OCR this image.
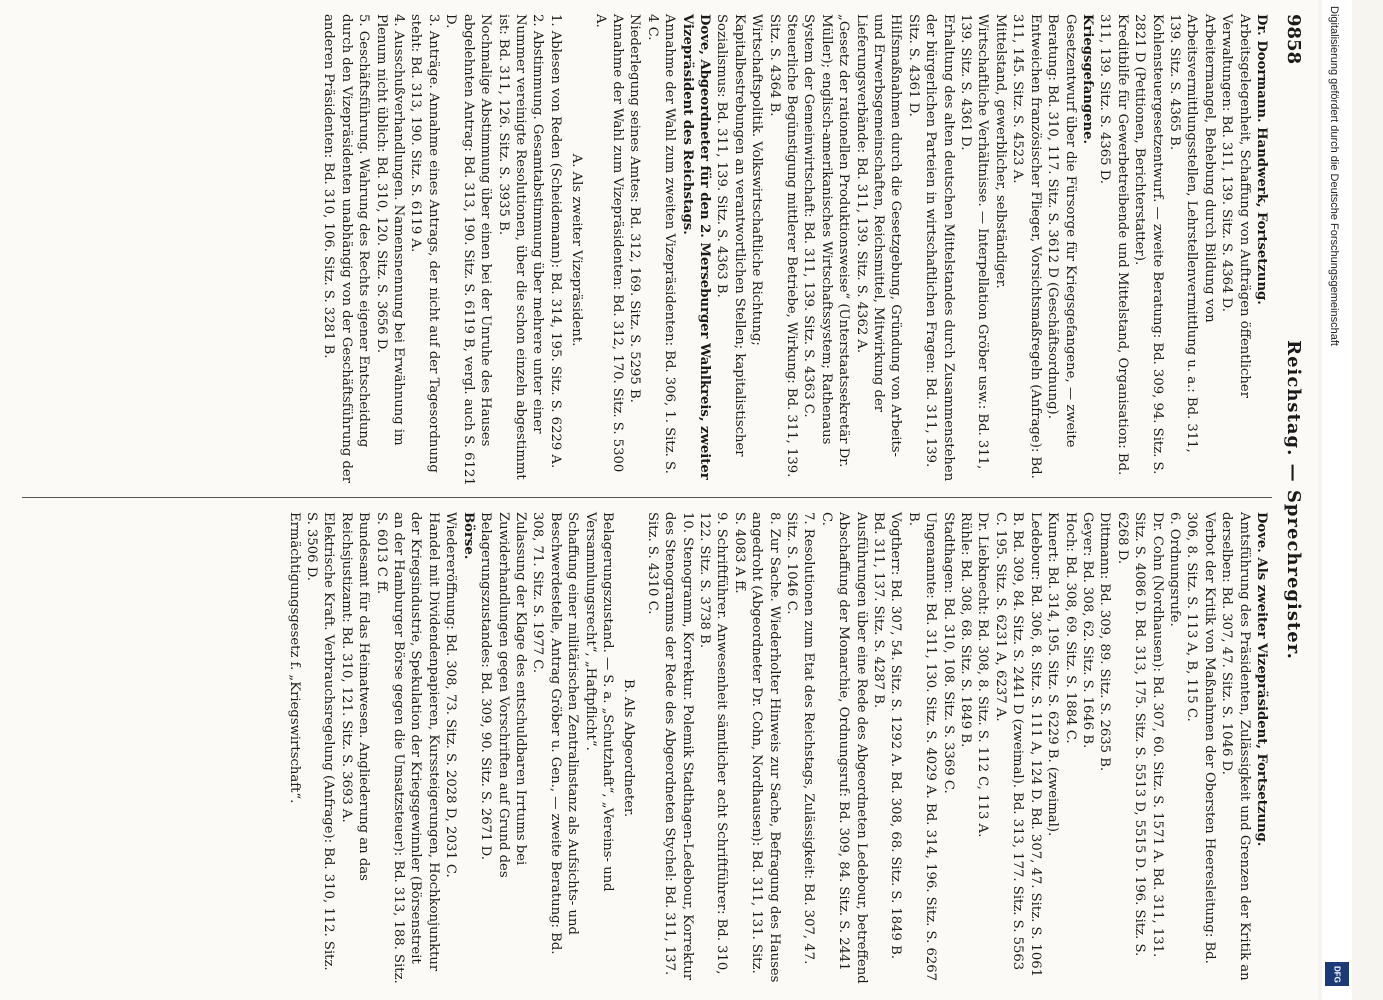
9858
Reichstag. — Sprechregister.

Dr. Doormann. Handwerk, Fortsetzung.

Arbeitsgelegenheit, Schaffung von Aufträgen öffentlicher Verwaltungen: Bd. 311, 139. Sitz. S. 4364 D.

Arbeitermangel, Behebung durch Bildung von Arbeitsvermittlungsstellen, Lehrstellenvermittlung u. a.: Bd. 311, 139. Sitz. S. 4365 B.

Kohlensteuergesetzentwurf. — zweite Beratung: Bd. 309, 94. Sitz. S. 2821 D (Petitionen, Berichterstatter).

Kreditbilfe für Gewerbetreibende und Mittelstand, Organisation: Bd. 311, 139. Sitz. S. 4365 D.

Kriegsgefangene.

Gesetzentwurf über die Fürsorge für Kriegsgefangene, — zweite Beratung: Bd. 310, 117. Sitz. S. 3612 D (Geschäftsordnung).

Entweichen französischer Flieger, Vorsichtsmaßregeln (Anfrage): Bd. 311, 145. Sitz. S. 4523 A.

Mittelstand, gewerblicher, selbständiger.

Wirtschaftliche Verhältnisse. — Interpellation Gröber usw.: Bd. 311, 139. Sitz. S. 4361 D.

Erhaltung des alten deutschen Mittelstandes durch Zusammenstehen der bürgerlichen Parteien in wirtschaftlichen Fragen: Bd. 311, 139. Sitz. S. 4361 D.

Hilfsmaßnahmen durch die Gesetzgebung, Gründung von Arbeits- und Erwerbsgemeinschaften, Reichsmittel, Mitwirkung der Lieferungsverbände: Bd. 311, 139. Sitz. S. 4362 A.

„Gesetz der rationellen Produktionsweise“ (Unterstaatssekretär Dr. Müller); englisch-amerikanisches Wirtschaftssystem; Rathenaus System der Gemeinwirtschaft: Bd. 311, 139. Sitz. S. 4363 C.

Steuerliche Begünstigung mittlerer Betriebe, Wirkung: Bd. 311, 139. Sitz. S. 4364 B.

Wirtschaftspolitik. Volkswirtschaftliche Richtung; Kapitalbestrebungen an verantwortlichen Stellen; kapitalistischer Sozialismus: Bd. 311, 139. Sitz. S. 4363 B.

Dove, Abgeordneter für den 2. Merseburger Wahlkreis, zweiter Vizepräsident des Reichstags.

Annahme der Wahl zum zweiten Vizepräsidenten: Bd. 306, 1. Sitz. S. 4 C.

Niederlegung seines Amtes: Bd. 312, 169. Sitz. S. 5295 B.

Annahme der Wahl zum Vizepräsidenten: Bd. 312, 170. Sitz. S. 5300 A.

A. Als zweiter Vizepräsident.

1. Ablesen von Reden (Scheidemann): Bd. 314, 195. Sitz. S. 6229 A.

2. Abstimmung. Gesamtabstimmung über mehrere unter einer Nummer vereinigte Resolutionen, über die schon einzeln abgestimmt ist: Bd. 311, 126. Sitz. S. 3935 B.

Nochmalige Abstimmung über einen bei der Unruhe des Hauses abgelehnten Antrag: Bd. 313, 190. Sitz. S. 6119 B, vergl. auch S. 6121 D.

3. Anträge. Annahme eines Antrags, der nicht auf der Tagesordnung steht: Bd. 313, 190. Sitz. S. 6119 A.

4. Ausschußverhandlungen. Namensnennung bei Erwähnung im Plenum nicht üblich: Bd. 310, 120. Sitz. S. 3656 D.

5. Geschäftsführung. Wahrung des Rechts eigener Entscheidung durch den Vizepräsidenten unabhängig von der Geschäftsführung der anderen Präsidenten: Bd. 310, 106. Sitz. S. 3281 B.

Dove. Als zweiter Vizepräsident, Fortsetzung.

Amtsführung des Präsidenten, Zulässigkeit und Grenzen der Kritik an derselben: Bd. 307, 47. Sitz. S. 1046 D.

Verbot der Kritik von Maßnahmen der Obersten Heeresleitung: Bd. 306, 8. Sitz. S. 113 A, B, 115 C.

6. Ordnungsrufe.

Dr. Cohn (Nordhausen): Bd. 307, 60. Sitz. S. 1571 A. Bd. 311, 131. Sitz. S. 4086 D. Bd. 313, 175. Sitz. S. 5513 D, 5515 D. 196. Sitz. S. 6268 D.

Dittmann: Bd. 309, 89. Sitz. S. 2635 B.

Geyer: Bd. 308, 62. Sitz. S. 1646 B.

Hoch: Bd. 308, 69. Sitz. S. 1884 C.

Kunert: Bd. 314, 195. Sitz. S. 6229 B. (zweimal).

Ledebour: Bd. 306, 8. Sitz. S. 111 A, 124 D. Bd. 307, 47. Sitz. S. 1061 B. Bd. 309, 84. Sitz. S. 2441 D (zweimal). Bd. 313, 177. Sitz. S. 5563 C. 195. Sitz. S. 6231 A, 6237 A.

Dr. Liebknecht: Bd. 308, 8. Sitz. S. 112 C, 113 A.

Rühle: Bd. 308, 68. Sitz. S. 1849 B.

Stadthagen: Bd. 310, 108. Sitz. S. 3369 C.

Ungenannte: Bd. 311, 130. Sitz. S. 4029 A. Bd. 314, 196. Sitz. S. 6267 B.

Vogtherr: Bd. 307, 54. Sitz. S. 1292 A. Bd. 308, 68. Sitz. S. 1849 B. Bd. 311, 137. Sitz. S. 4287 B.

Ausführungen über eine Rede des Abgeordneten Ledebour, betreffend Abschaffung der Monarchie, Ordnungsruf: Bd. 309, 84. Sitz. S. 2441 C.

7. Resolutionen zum Etat des Reichstags, Zulässigkeit: Bd. 307, 47. Sitz. S. 1046 C.

8. Zur Sache. Wiederholter Hinweis zur Sache, Befragung des Hauses angedroht (Abgeordneter Dr. Cohn, Nordhausen): Bd. 311, 131. Sitz. S. 4083 A ff.

9. Schriftführer. Anwesenheit sämtlicher acht Schriftführer: Bd. 310, 122. Sitz. S. 3738 B.

10. Stenogramm, Korrektur. Polemik Stadthagen-Ledebour, Korrektur des Stenogramms der Rede des Abgeordneten Stychel: Bd. 311, 137. Sitz. S. 4310 C.

B. Als Abgeordneter.

Belagerungszustand. — S. a. „Schutzhaft“, „Vereins- und Versammlungsrecht“, „Haftpflicht“.

Schaffung einer militärischen Zentralinstanz als Aufsichts- und Beschwerdestelle, Antrag Gröber u. Gen., — zweite Beratung: Bd. 308, 71. Sitz. S. 1977 C.

Zulassung der Klage des entschuldbaren Irrtums bei Zuwiderhandlungen gegen Vorschriften auf Grund des Belagerungszustandes: Bd. 309, 90. Sitz. S. 2671 D.

Börse.

Wiedereröffnung: Bd. 308, 73. Sitz. S. 2028 D, 2031 C.

Handel mit Dividendenpapieren, Kurssteigerungen, Hochkonjunktur der Kriegsindustrie, Spekulation der Kriegsgewinnler (Börsenstreit an der Hamburger Börse gegen die Umsatzsteuer): Bd. 313, 188. Sitz. S. 6013 C ff.

Bundesamt für das Heimatwesen. Angliederung an das Reichsjustizamt: Bd. 310, 121. Sitz. S. 3693 A.

Elektrische Kraft. Verbrauchsregelung (Anfrage): Bd. 310, 112. Sitz. S. 3506 D.

Ermächtigungsgesetz f. „Kriegswirtschaft“.

Digitalisierung gefördert durch die Deutsche Forschungsgemeinschaft
DFG
